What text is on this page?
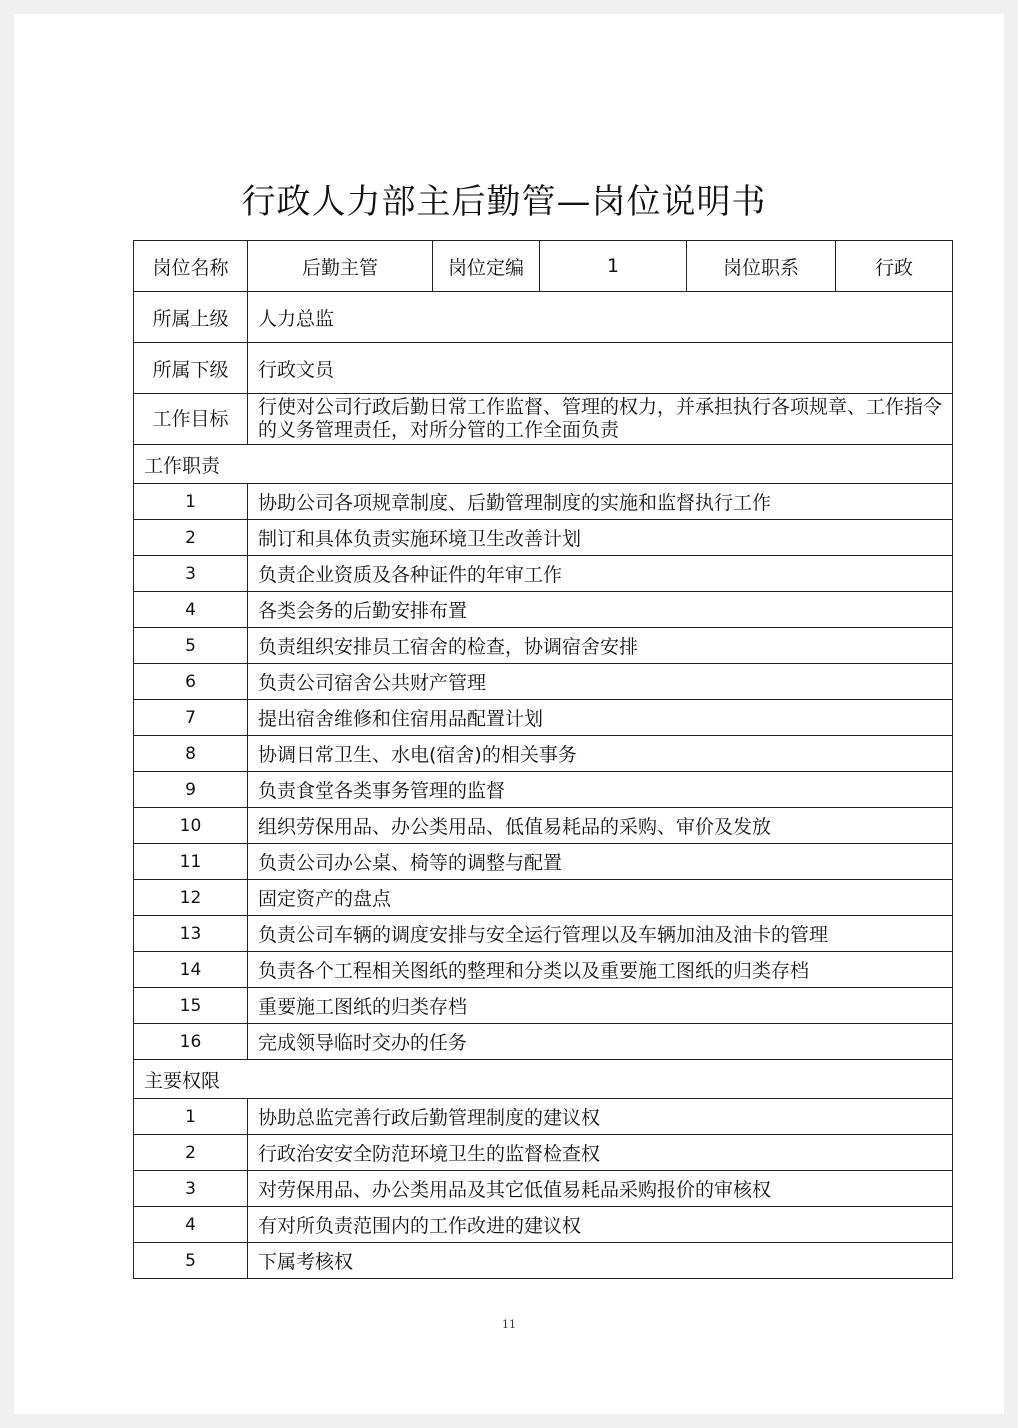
行政人力部主后勤管—岗位说明书
岗位名称	后勤主管	岗位定编	1	岗位职系	行政
所属上级	人力总监				
所属下级	行政文员				
工作目标	行使对公司行政后勤日常工作监督、管理的权力，并承担执行各项规章、工作指令的义务管理责任，对所分管的工作全面负责				
工作职责					
1	协助公司各项规章制度、后勤管理制度的实施和监督执行工作				
2	制订和具体负责实施环境卫生改善计划				
3	负责企业资质及各种证件的年审工作				
4	各类会务的后勤安排布置				
5	负责组织安排员工宿舍的检查，协调宿舍安排				
6	负责公司宿舍公共财产管理				
7	提出宿舍维修和住宿用品配置计划				
8	协调日常卫生、水电(宿舍)的相关事务				
9	负责食堂各类事务管理的监督				
10	组织劳保用品、办公类用品、低值易耗品的采购、审价及发放				
11	负责公司办公桌、椅等的调整与配置				
12	固定资产的盘点				
13	负责公司车辆的调度安排与安全运行管理以及车辆加油及油卡的管理				
14	负责各个工程相关图纸的整理和分类以及重要施工图纸的归类存档				
15	重要施工图纸的归类存档				
16	完成领导临时交办的任务				
主要权限					
1	协助总监完善行政后勤管理制度的建议权				
2	行政治安安全防范环境卫生的监督检查权				
3	对劳保用品、办公类用品及其它低值易耗品采购报价的审核权				
4	有对所负责范围内的工作改进的建议权				
5	下属考核权				
11
